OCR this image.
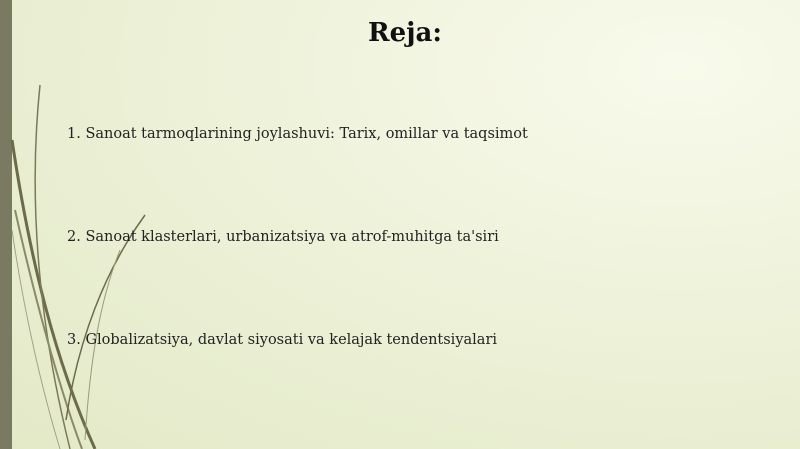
Reja:
1. Sanoat tarmoqlarining joylashuvi: Tarix, omillar va taqsimot
2. Sanoat klasterlari, urbanizatsiya va atrof-muhitga ta'siri
3. Globalizatsiya, davlat siyosati va kelajak tendentsiyalari
